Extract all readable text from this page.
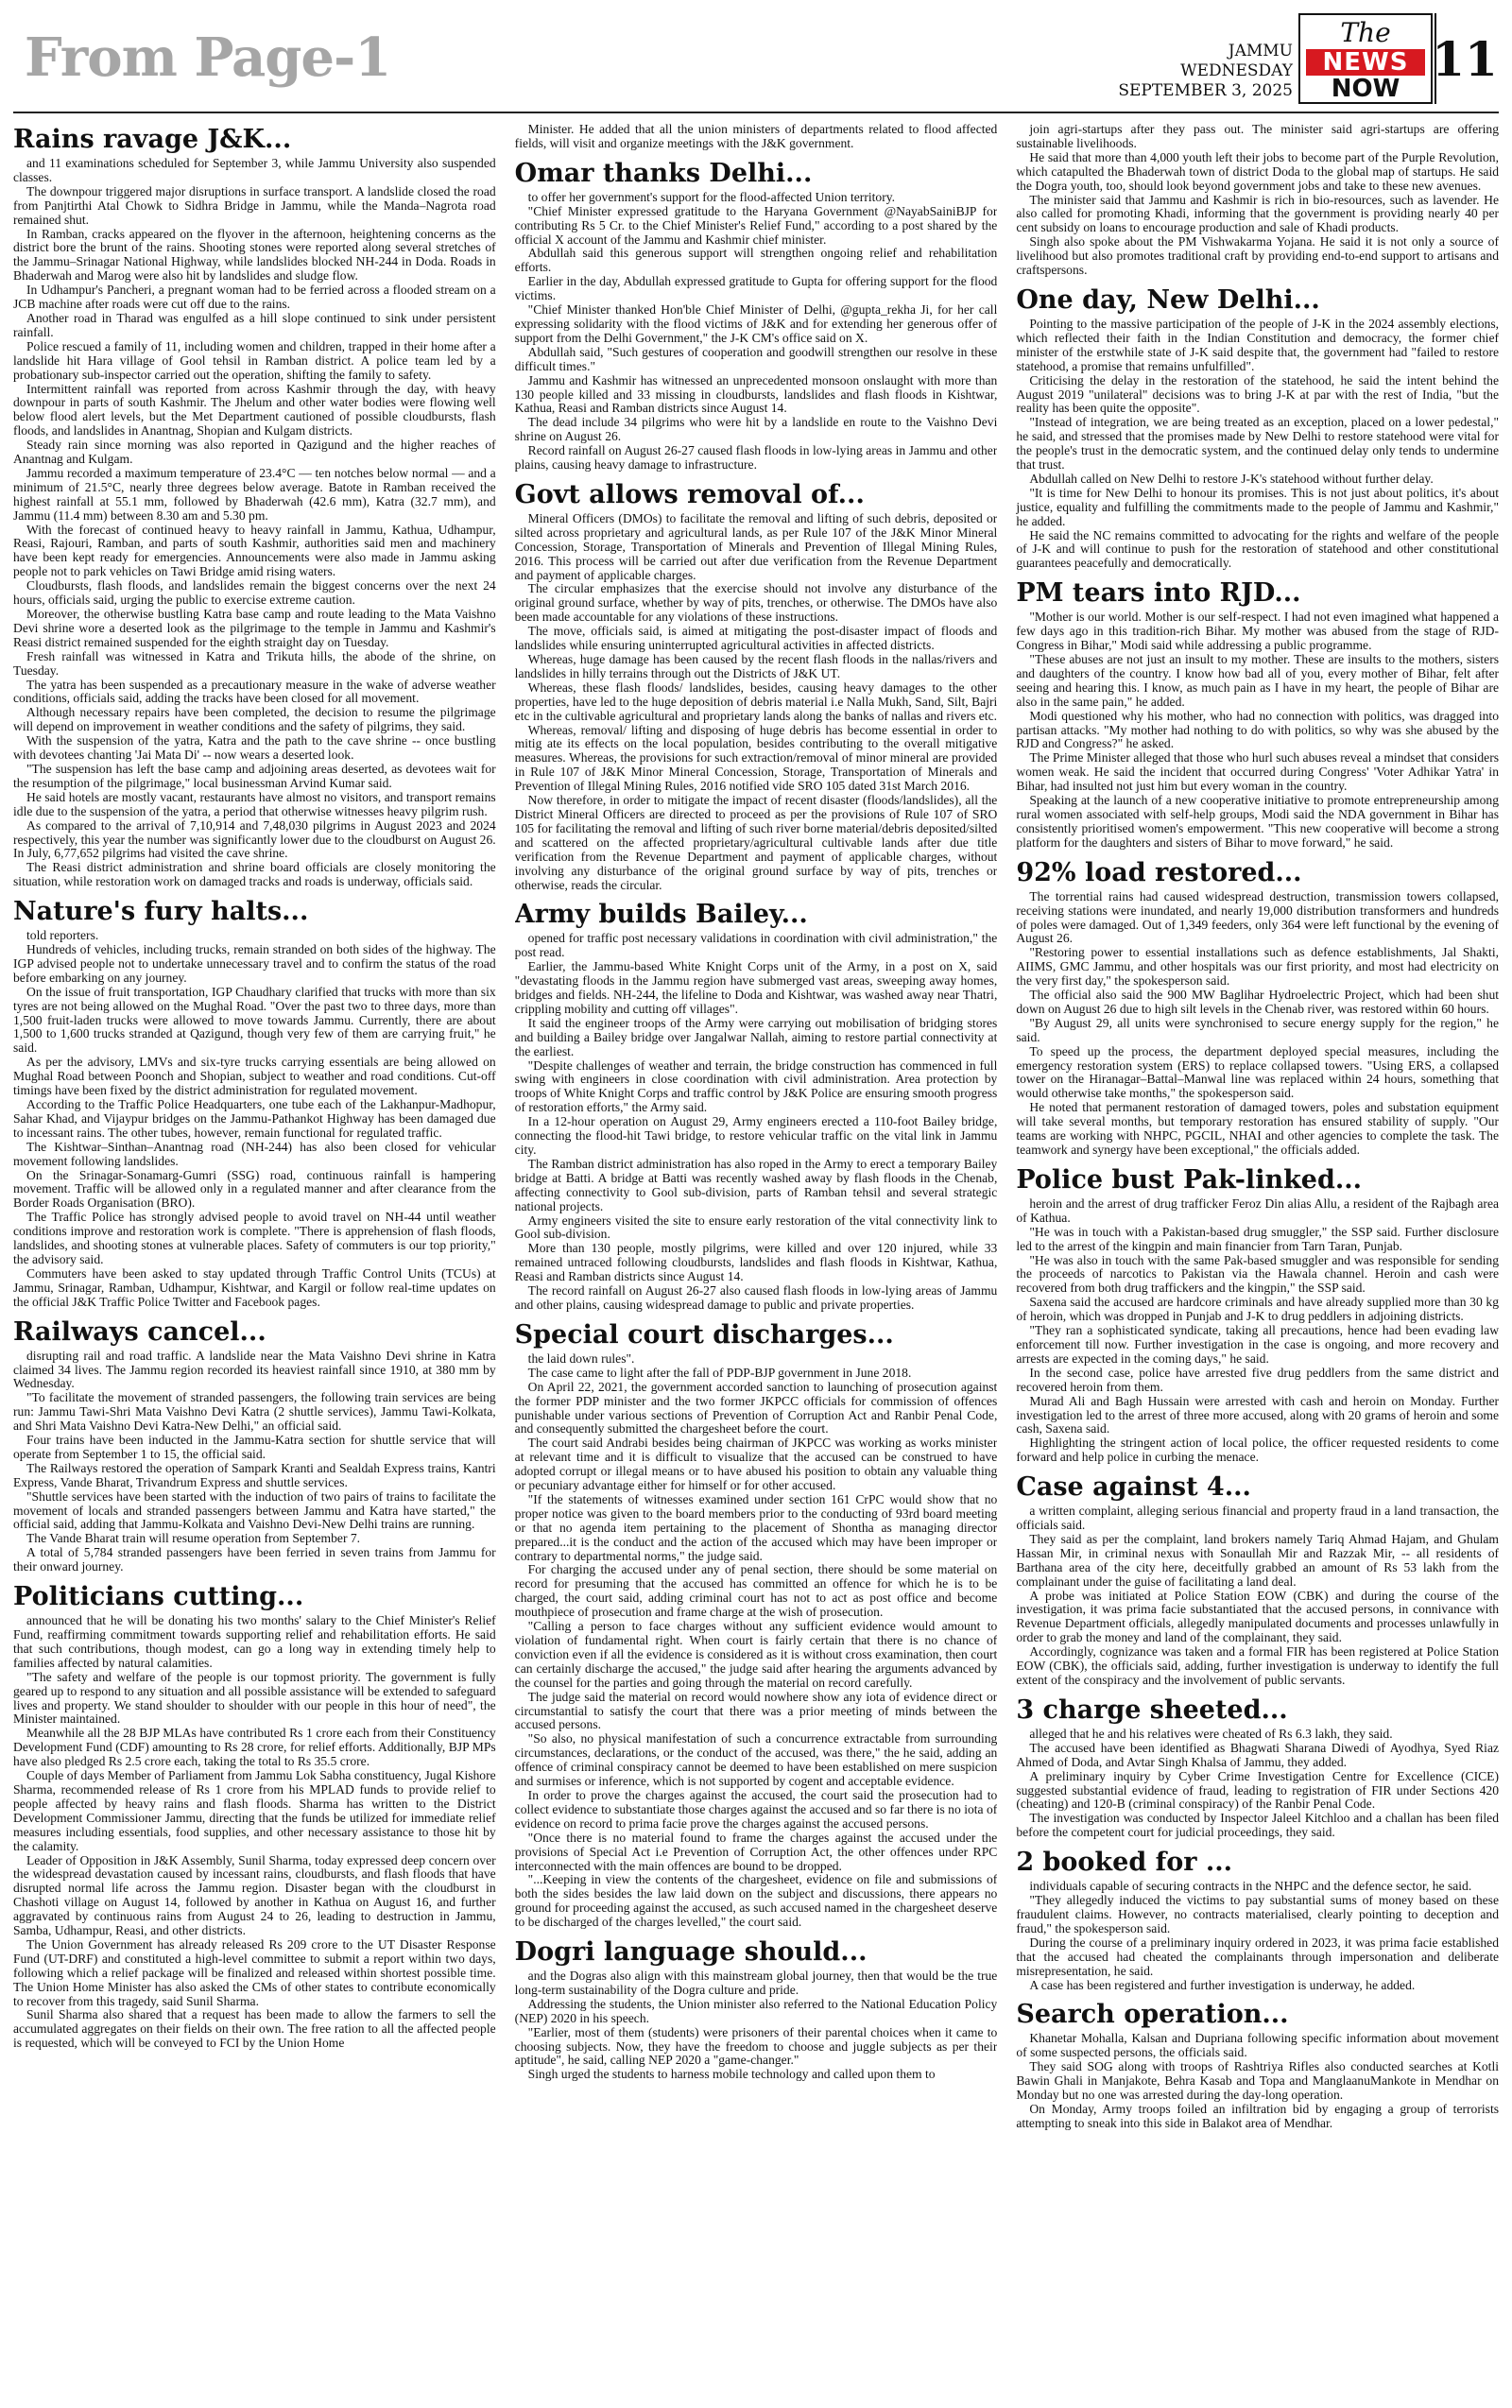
From Page-1	JAMMU
WEDNESDAY
SEPTEMBER 3, 2025
The
NEWS
NOW
11
Rains ravage J&K...

and 11 examinations scheduled for September 3, while Jammu University also suspended classes.

The downpour triggered major disruptions in surface transport. A landslide closed the road from Panjtirthi Atal Chowk to Sidhra Bridge in Jammu, while the Manda–Nagrota road remained shut.

In Ramban, cracks appeared on the flyover in the afternoon, heightening concerns as the district bore the brunt of the rains. Shooting stones were reported along several stretches of the Jammu–Srinagar National Highway, while landslides blocked NH-244 in Doda. Roads in Bhaderwah and Marog were also hit by landslides and sludge flow.

In Udhampur's Pancheri, a pregnant woman had to be ferried across a flooded stream on a JCB machine after roads were cut off due to the rains.

Another road in Tharad was engulfed as a hill slope continued to sink under persistent rainfall.

Police rescued a family of 11, including women and children, trapped in their home after a landslide hit Hara village of Gool tehsil in Ramban district. A police team led by a probationary sub-inspector carried out the operation, shifting the family to safety.

Intermittent rainfall was reported from across Kashmir through the day, with heavy downpour in parts of south Kashmir. The Jhelum and other water bodies were flowing well below flood alert levels, but the Met Department cautioned of possible cloudbursts, flash floods, and landslides in Anantnag, Shopian and Kulgam districts.

Steady rain since morning was also reported in Qazigund and the higher reaches of Anantnag and Kulgam.

Jammu recorded a maximum temperature of 23.4°C — ten notches below normal — and a minimum of 21.5°C, nearly three degrees below average. Batote in Ramban received the highest rainfall at 55.1 mm, followed by Bhaderwah (42.6 mm), Katra (32.7 mm), and Jammu (11.4 mm) between 8.30 am and 5.30 pm.

With the forecast of continued heavy to heavy rainfall in Jammu, Kathua, Udhampur, Reasi, Rajouri, Ramban, and parts of south Kashmir, authorities said men and machinery have been kept ready for emergencies. Announcements were also made in Jammu asking people not to park vehicles on Tawi Bridge amid rising waters.

Cloudbursts, flash floods, and landslides remain the biggest concerns over the next 24 hours, officials said, urging the public to exercise extreme caution.

Moreover, the otherwise bustling Katra base camp and route leading to the Mata Vaishno Devi shrine wore a deserted look as the pilgrimage to the temple in Jammu and Kashmir's Reasi district remained suspended for the eighth straight day on Tuesday.

Fresh rainfall was witnessed in Katra and Trikuta hills, the abode of the shrine, on Tuesday.

The yatra has been suspended as a precautionary measure in the wake of adverse weather conditions, officials said, adding the tracks have been closed for all movement.

Although necessary repairs have been completed, the decision to resume the pilgrimage will depend on improvement in weather conditions and the safety of pilgrims, they said.

With the suspension of the yatra, Katra and the path to the cave shrine -- once bustling with devotees chanting 'Jai Mata Di' -- now wears a deserted look.

"The suspension has left the base camp and adjoining areas deserted, as devotees wait for the resumption of the pilgrimage," local businessman Arvind Kumar said.

He said hotels are mostly vacant, restaurants have almost no visitors, and transport remains idle due to the suspension of the yatra, a period that otherwise witnesses heavy pilgrim rush.

As compared to the arrival of 7,10,914 and 7,48,030 pilgrims in August 2023 and 2024 respectively, this year the number was significantly lower due to the cloudburst on August 26. In July, 6,77,652 pilgrims had visited the cave shrine.

The Reasi district administration and shrine board officials are closely monitoring the situation, while restoration work on damaged tracks and roads is underway, officials said.

Nature's fury halts...

told reporters.

Hundreds of vehicles, including trucks, remain stranded on both sides of the highway. The IGP advised people not to undertake unnecessary travel and to confirm the status of the road before embarking on any journey.

On the issue of fruit transportation, IGP Chaudhary clarified that trucks with more than six tyres are not being allowed on the Mughal Road. "Over the past two to three days, more than 1,500 fruit-laden trucks were allowed to move towards Jammu. Currently, there are about 1,500 to 1,600 trucks stranded at Qazigund, though very few of them are carrying fruit," he said.

As per the advisory, LMVs and six-tyre trucks carrying essentials are being allowed on Mughal Road between Poonch and Shopian, subject to weather and road conditions. Cut-off timings have been fixed by the district administration for regulated movement.

According to the Traffic Police Headquarters, one tube each of the Lakhanpur-Madhopur, Sahar Khad, and Vijaypur bridges on the Jammu-Pathankot Highway has been damaged due to incessant rains. The other tubes, however, remain functional for regulated traffic.

The Kishtwar–Sinthan–Anantnag road (NH-244) has also been closed for vehicular movement following landslides.

On the Srinagar-Sonamarg-Gumri (SSG) road, continuous rainfall is hampering movement. Traffic will be allowed only in a regulated manner and after clearance from the Border Roads Organisation (BRO).

The Traffic Police has strongly advised people to avoid travel on NH-44 until weather conditions improve and restoration work is complete. "There is apprehension of flash floods, landslides, and shooting stones at vulnerable places. Safety of commuters is our top priority," the advisory said.

Commuters have been asked to stay updated through Traffic Control Units (TCUs) at Jammu, Srinagar, Ramban, Udhampur, Kishtwar, and Kargil or follow real-time updates on the official J&K Traffic Police Twitter and Facebook pages.

Railways cancel...

disrupting rail and road traffic. A landslide near the Mata Vaishno Devi shrine in Katra claimed 34 lives. The Jammu region recorded its heaviest rainfall since 1910, at 380 mm by Wednesday.

"To facilitate the movement of stranded passengers, the following train services are being run: Jammu Tawi-Shri Mata Vaishno Devi Katra (2 shuttle services), Jammu Tawi-Kolkata, and Shri Mata Vaishno Devi Katra-New Delhi," an official said.

Four trains have been inducted in the Jammu-Katra section for shuttle service that will operate from September 1 to 15, the official said.

The Railways restored the operation of Sampark Kranti and Sealdah Express trains, Kantri Express, Vande Bharat, Trivandrum Express and shuttle services.

"Shuttle services have been started with the induction of two pairs of trains to facilitate the movement of locals and stranded passengers between Jammu and Katra have started," the official said, adding that Jammu-Kolkata and Vaishno Devi-New Delhi trains are running.

The Vande Bharat train will resume operation from September 7.

A total of 5,784 stranded passengers have been ferried in seven trains from Jammu for their onward journey.

Politicians cutting...

announced that he will be donating his two months' salary to the Chief Minister's Relief Fund, reaffirming commitment towards supporting relief and rehabilitation efforts. He said that such contributions, though modest, can go a long way in extending timely help to families affected by natural calamities.

"The safety and welfare of the people is our topmost priority. The government is fully geared up to respond to any situation and all possible assistance will be extended to safeguard lives and property. We stand shoulder to shoulder with our people in this hour of need", the Minister maintained.

Meanwhile all the 28 BJP MLAs have contributed Rs 1 crore each from their Constituency Development Fund (CDF) amounting to Rs 28 crore, for relief efforts. Additionally, BJP MPs have also pledged Rs 2.5 crore each, taking the total to Rs 35.5 crore.

Couple of days Member of Parliament from Jammu Lok Sabha constituency, Jugal Kishore Sharma, recommended release of Rs 1 crore from his MPLAD funds to provide relief to people affected by heavy rains and flash floods. Sharma has written to the District Development Commissioner Jammu, directing that the funds be utilized for immediate relief measures including essentials, food supplies, and other necessary assistance to those hit by the calamity.

Leader of Opposition in J&K Assembly, Sunil Sharma, today expressed deep concern over the widespread devastation caused by incessant rains, cloudbursts, and flash floods that have disrupted normal life across the Jammu region. Disaster began with the cloudburst in Chashoti village on August 14, followed by another in Kathua on August 16, and further aggravated by continuous rains from August 24 to 26, leading to destruction in Jammu, Samba, Udhampur, Reasi, and other districts.

The Union Government has already released Rs 209 crore to the UT Disaster Response Fund (UT-DRF) and constituted a high-level committee to submit a report within two days, following which a relief package will be finalized and released within shortest possible time. The Union Home Minister has also asked the CMs of other states to contribute economically to recover from this tragedy, said Sunil Sharma.

Sunil Sharma also shared that a request has been made to allow the farmers to sell the accumulated aggregates on their fields on their own. The free ration to all the affected people is requested, which will be conveyed to FCI by the Union Home

Minister. He added that all the union ministers of departments related to flood affected fields, will visit and organize meetings with the J&K government.

Omar thanks Delhi...

to offer her government's support for the flood-affected Union territory.

"Chief Minister expressed gratitude to the Haryana Government @NayabSainiBJP for contributing Rs 5 Cr. to the Chief Minister's Relief Fund," according to a post shared by the official X account of the Jammu and Kashmir chief minister.

Abdullah said this generous support will strengthen ongoing relief and rehabilitation efforts.

Earlier in the day, Abdullah expressed gratitude to Gupta for offering support for the flood victims.

"Chief Minister thanked Hon'ble Chief Minister of Delhi, @gupta_rekha Ji, for her call expressing solidarity with the flood victims of J&K and for extending her generous offer of support from the Delhi Government," the J-K CM's office said on X.

Abdullah said, "Such gestures of cooperation and goodwill strengthen our resolve in these difficult times."

Jammu and Kashmir has witnessed an unprecedented monsoon onslaught with more than 130 people killed and 33 missing in cloudbursts, landslides and flash floods in Kishtwar, Kathua, Reasi and Ramban districts since August 14.

The dead include 34 pilgrims who were hit by a landslide en route to the Vaishno Devi shrine on August 26.

Record rainfall on August 26-27 caused flash floods in low-lying areas in Jammu and other plains, causing heavy damage to infrastructure.

Govt allows removal of...

Mineral Officers (DMOs) to facilitate the removal and lifting of such debris, deposited or silted across proprietary and agricultural lands, as per Rule 107 of the J&K Minor Mineral Concession, Storage, Transportation of Minerals and Prevention of Illegal Mining Rules, 2016. This process will be carried out after due verification from the Revenue Department and payment of applicable charges.

The circular emphasizes that the exercise should not involve any disturbance of the original ground surface, whether by way of pits, trenches, or otherwise. The DMOs have also been made accountable for any violations of these instructions.

The move, officials said, is aimed at mitigating the post-disaster impact of floods and landslides while ensuring uninterrupted agricultural activities in affected districts.

Whereas, huge damage has been caused by the recent flash floods in the nallas/rivers and landslides in hilly terrains through out the Districts of J&K UT.

Whereas, these flash floods/ landslides, besides, causing heavy damages to the other properties, have led to the huge deposition of debris material i.e Nalla Mukh, Sand, Silt, Bajri etc in the cultivable agricultural and proprietary lands along the banks of nallas and rivers etc.

Whereas, removal/ lifting and disposing of huge debris has become essential in order to mitig ate its effects on the local population, besides contributing to the overall mitigative measures. Whereas, the provisions for such extraction/removal of minor mineral are provided in Rule 107 of J&K Minor Mineral Concession, Storage, Transportation of Minerals and Prevention of Illegal Mining Rules, 2016 notified vide SRO 105 dated 31st March 2016.

Now therefore, in order to mitigate the impact of recent disaster (floods/landslides), all the District Mineral Officers are directed to proceed as per the provisions of Rule 107 of SRO 105 for facilitating the removal and lifting of such river borne material/debris deposited/silted and scattered on the affected proprietary/agricultural cultivable lands after due title verification from the Revenue Department and payment of applicable charges, without involving any disturbance of the original ground surface by way of pits, trenches or otherwise, reads the circular.

Army builds Bailey...

opened for traffic post necessary validations in coordination with civil administration," the post read.

Earlier, the Jammu-based White Knight Corps unit of the Army, in a post on X, said "devastating floods in the Jammu region have submerged vast areas, sweeping away homes, bridges and fields. NH-244, the lifeline to Doda and Kishtwar, was washed away near Thatri, crippling mobility and cutting off villages".

It said the engineer troops of the Army were carrying out mobilisation of bridging stores and building a Bailey bridge over Jangalwar Nallah, aiming to restore partial connectivity at the earliest.

"Despite challenges of weather and terrain, the bridge construction has commenced in full swing with engineers in close coordination with civil administration. Area protection by troops of White Knight Corps and traffic control by J&K Police are ensuring smooth progress of restoration efforts," the Army said.

In a 12-hour operation on August 29, Army engineers erected a 110-foot Bailey bridge, connecting the flood-hit Tawi bridge, to restore vehicular traffic on the vital link in Jammu city.

The Ramban district administration has also roped in the Army to erect a temporary Bailey bridge at Batti. A bridge at Batti was recently washed away by flash floods in the Chenab, affecting connectivity to Gool sub-division, parts of Ramban tehsil and several strategic national projects.

Army engineers visited the site to ensure early restoration of the vital connectivity link to Gool sub-division.

More than 130 people, mostly pilgrims, were killed and over 120 injured, while 33 remained untraced following cloudbursts, landslides and flash floods in Kishtwar, Kathua, Reasi and Ramban districts since August 14.

The record rainfall on August 26-27 also caused flash floods in low-lying areas of Jammu and other plains, causing widespread damage to public and private properties.

Special court discharges...

the laid down rules".

The case came to light after the fall of PDP-BJP government in June 2018.

On April 22, 2021, the government accorded sanction to launching of prosecution against the former PDP minister and the two former JKPCC officials for commission of offences punishable under various sections of Prevention of Corruption Act and Ranbir Penal Code, and consequently submitted the chargesheet before the court.

The court said Andrabi besides being chairman of JKPCC was working as works minister at relevant time and it is difficult to visualize that the accused can be construed to have adopted corrupt or illegal means or to have abused his position to obtain any valuable thing or pecuniary advantage either for himself or for other accused.

"If the statements of witnesses examined under section 161 CrPC would show that no proper notice was given to the board members prior to the conducting of 93rd board meeting or that no agenda item pertaining to the placement of Shontha as managing director prepared...it is the conduct and the action of the accused which may have been improper or contrary to departmental norms," the judge said.

For charging the accused under any of penal section, there should be some material on record for presuming that the accused has committed an offence for which he is to be charged, the court said, adding criminal court has not to act as post office and become mouthpiece of prosecution and frame charge at the wish of prosecution.

"Calling a person to face charges without any sufficient evidence would amount to violation of fundamental right. When court is fairly certain that there is no chance of conviction even if all the evidence is considered as it is without cross examination, then court can certainly discharge the accused," the judge said after hearing the arguments advanced by the counsel for the parties and going through the material on record carefully.

The judge said the material on record would nowhere show any iota of evidence direct or circumstantial to satisfy the court that there was a prior meeting of minds between the accused persons.

"So also, no physical manifestation of such a concurrence extractable from surrounding circumstances, declarations, or the conduct of the accused, was there," the he said, adding an offence of criminal conspiracy cannot be deemed to have been established on mere suspicion and surmises or inference, which is not supported by cogent and acceptable evidence.

In order to prove the charges against the accused, the court said the prosecution had to collect evidence to substantiate those charges against the accused and so far there is no iota of evidence on record to prima facie prove the charges against the accused persons.

"Once there is no material found to frame the charges against the accused under the provisions of Special Act i.e Prevention of Corruption Act, the other offences under RPC interconnected with the main offences are bound to be dropped.

"...Keeping in view the contents of the chargesheet, evidence on file and submissions of both the sides besides the law laid down on the subject and discussions, there appears no ground for proceeding against the accused, as such accused named in the chargesheet deserve to be discharged of the charges levelled," the court said.

Dogri language should...

and the Dogras also align with this mainstream global journey, then that would be the true long-term sustainability of the Dogra culture and pride.

Addressing the students, the Union minister also referred to the National Education Policy (NEP) 2020 in his speech.

"Earlier, most of them (students) were prisoners of their parental choices when it came to choosing subjects. Now, they have the freedom to choose and juggle subjects as per their aptitude", he said, calling NEP 2020 a "game-changer."

Singh urged the students to harness mobile technology and called upon them to

join agri-startups after they pass out. The minister said agri-startups are offering sustainable livelihoods.

He said that more than 4,000 youth left their jobs to become part of the Purple Revolution, which catapulted the Bhaderwah town of district Doda to the global map of startups. He said the Dogra youth, too, should look beyond government jobs and take to these new avenues.

The minister said that Jammu and Kashmir is rich in bio-resources, such as lavender. He also called for promoting Khadi, informing that the government is providing nearly 40 per cent subsidy on loans to encourage production and sale of Khadi products.

Singh also spoke about the PM Vishwakarma Yojana. He said it is not only a source of livelihood but also promotes traditional craft by providing end-to-end support to artisans and craftspersons.

One day, New Delhi...

Pointing to the massive participation of the people of J-K in the 2024 assembly elections, which reflected their faith in the Indian Constitution and democracy, the former chief minister of the erstwhile state of J-K said despite that, the government had "failed to restore statehood, a promise that remains unfulfilled".

Criticising the delay in the restoration of the statehood, he said the intent behind the August 2019 "unilateral" decisions was to bring J-K at par with the rest of India, "but the reality has been quite the opposite".

"Instead of integration, we are being treated as an exception, placed on a lower pedestal," he said, and stressed that the promises made by New Delhi to restore statehood were vital for the people's trust in the democratic system, and the continued delay only tends to undermine that trust.

Abdullah called on New Delhi to restore J-K's statehood without further delay.

"It is time for New Delhi to honour its promises. This is not just about politics, it's about justice, equality and fulfilling the commitments made to the people of Jammu and Kashmir," he added.

He said the NC remains committed to advocating for the rights and welfare of the people of J-K and will continue to push for the restoration of statehood and other constitutional guarantees peacefully and democratically.

PM tears into RJD...

"Mother is our world. Mother is our self-respect. I had not even imagined what happened a few days ago in this tradition-rich Bihar. My mother was abused from the stage of RJD-Congress in Bihar," Modi said while addressing a public programme.

"These abuses are not just an insult to my mother. These are insults to the mothers, sisters and daughters of the country. I know how bad all of you, every mother of Bihar, felt after seeing and hearing this. I know, as much pain as I have in my heart, the people of Bihar are also in the same pain," he added.

Modi questioned why his mother, who had no connection with politics, was dragged into partisan attacks. "My mother had nothing to do with politics, so why was she abused by the RJD and Congress?" he asked.

The Prime Minister alleged that those who hurl such abuses reveal a mindset that considers women weak. He said the incident that occurred during Congress' 'Voter Adhikar Yatra' in Bihar, had insulted not just him but every woman in the country.

Speaking at the launch of a new cooperative initiative to promote entrepreneurship among rural women associated with self-help groups, Modi said the NDA government in Bihar has consistently prioritised women's empowerment. "This new cooperative will become a strong platform for the daughters and sisters of Bihar to move forward," he said.

92% load restored...

The torrential rains had caused widespread destruction, transmission towers collapsed, receiving stations were inundated, and nearly 19,000 distribution transformers and hundreds of poles were damaged. Out of 1,349 feeders, only 364 were left functional by the evening of August 26.

"Restoring power to essential installations such as defence establishments, Jal Shakti, AIIMS, GMC Jammu, and other hospitals was our first priority, and most had electricity on the very first day," the spokesperson said.

The official also said the 900 MW Baglihar Hydroelectric Project, which had been shut down on August 26 due to high silt levels in the Chenab river, was restored within 60 hours.

"By August 29, all units were synchronised to secure energy supply for the region," he said.

To speed up the process, the department deployed special measures, including the emergency restoration system (ERS) to replace collapsed towers. "Using ERS, a collapsed tower on the Hiranagar–Battal–Manwal line was replaced within 24 hours, something that would otherwise take months," the spokesperson said.

He noted that permanent restoration of damaged towers, poles and substation equipment will take several months, but temporary restoration has ensured stability of supply. "Our teams are working with NHPC, PGCIL, NHAI and other agencies to complete the task. The teamwork and synergy have been exceptional," the officials added.

Police bust Pak-linked...

heroin and the arrest of drug trafficker Feroz Din alias Allu, a resident of the Rajbagh area of Kathua.

"He was in touch with a Pakistan-based drug smuggler," the SSP said. Further disclosure led to the arrest of the kingpin and main financier from Tarn Taran, Punjab.

"He was also in touch with the same Pak-based smuggler and was responsible for sending the proceeds of narcotics to Pakistan via the Hawala channel. Heroin and cash were recovered from both drug traffickers and the kingpin," the SSP said.

Saxena said the accused are hardcore criminals and have already supplied more than 30 kg of heroin, which was dropped in Punjab and J-K to drug peddlers in adjoining districts.

"They ran a sophisticated syndicate, taking all precautions, hence had been evading law enforcement till now. Further investigation in the case is ongoing, and more recovery and arrests are expected in the coming days," he said.

In the second case, police have arrested five drug peddlers from the same district and recovered heroin from them.

Murad Ali and Bagh Hussain were arrested with cash and heroin on Monday. Further investigation led to the arrest of three more accused, along with 20 grams of heroin and some cash, Saxena said.

Highlighting the stringent action of local police, the officer requested residents to come forward and help police in curbing the menace.

Case against 4...

a written complaint, alleging serious financial and property fraud in a land transaction, the officials said.

They said as per the complaint, land brokers namely Tariq Ahmad Hajam, and Ghulam Hassan Mir, in criminal nexus with Sonaullah Mir and Razzak Mir, -- all residents of Barthana area of the city here, deceitfully grabbed an amount of Rs 53 lakh from the complainant under the guise of facilitating a land deal.

A probe was initiated at Police Station EOW (CBK) and during the course of the investigation, it was prima facie substantiated that the accused persons, in connivance with Revenue Department officials, allegedly manipulated documents and processes unlawfully in order to grab the money and land of the complainant, they said.

Accordingly, cognizance was taken and a formal FIR has been registered at Police Station EOW (CBK), the officials said, adding, further investigation is underway to identify the full extent of the conspiracy and the involvement of public servants.

3 charge sheeted...

alleged that he and his relatives were cheated of Rs 6.3 lakh, they said.

The accused have been identified as Bhagwati Sharana Diwedi of Ayodhya, Syed Riaz Ahmed of Doda, and Avtar Singh Khalsa of Jammu, they added.

A preliminary inquiry by Cyber Crime Investigation Centre for Excellence (CICE) suggested substantial evidence of fraud, leading to registration of FIR under Sections 420 (cheating) and 120-B (criminal conspiracy) of the Ranbir Penal Code.

The investigation was conducted by Inspector Jaleel Kitchloo and a challan has been filed before the competent court for judicial proceedings, they said.

2 booked for ...

individuals capable of securing contracts in the NHPC and the defence sector, he said.

"They allegedly induced the victims to pay substantial sums of money based on these fraudulent claims. However, no contracts materialised, clearly pointing to deception and fraud," the spokesperson said.

During the course of a preliminary inquiry ordered in 2023, it was prima facie established that the accused had cheated the complainants through impersonation and deliberate misrepresentation, he said.

A case has been registered and further investigation is underway, he added.

Search operation...

Khanetar Mohalla, Kalsan and Dupriana following specific information about movement of some suspected persons, the officials said.

They said SOG along with troops of Rashtriya Rifles also conducted searches at Kotli Bawin Ghali in Manjakote, Behra Kasab and Topa and ManglaanuMankote in Mendhar on Monday but no one was arrested during the day-long operation.

On Monday, Army troops foiled an infiltration bid by engaging a group of terrorists attempting to sneak into this side in Balakot area of Mendhar.
